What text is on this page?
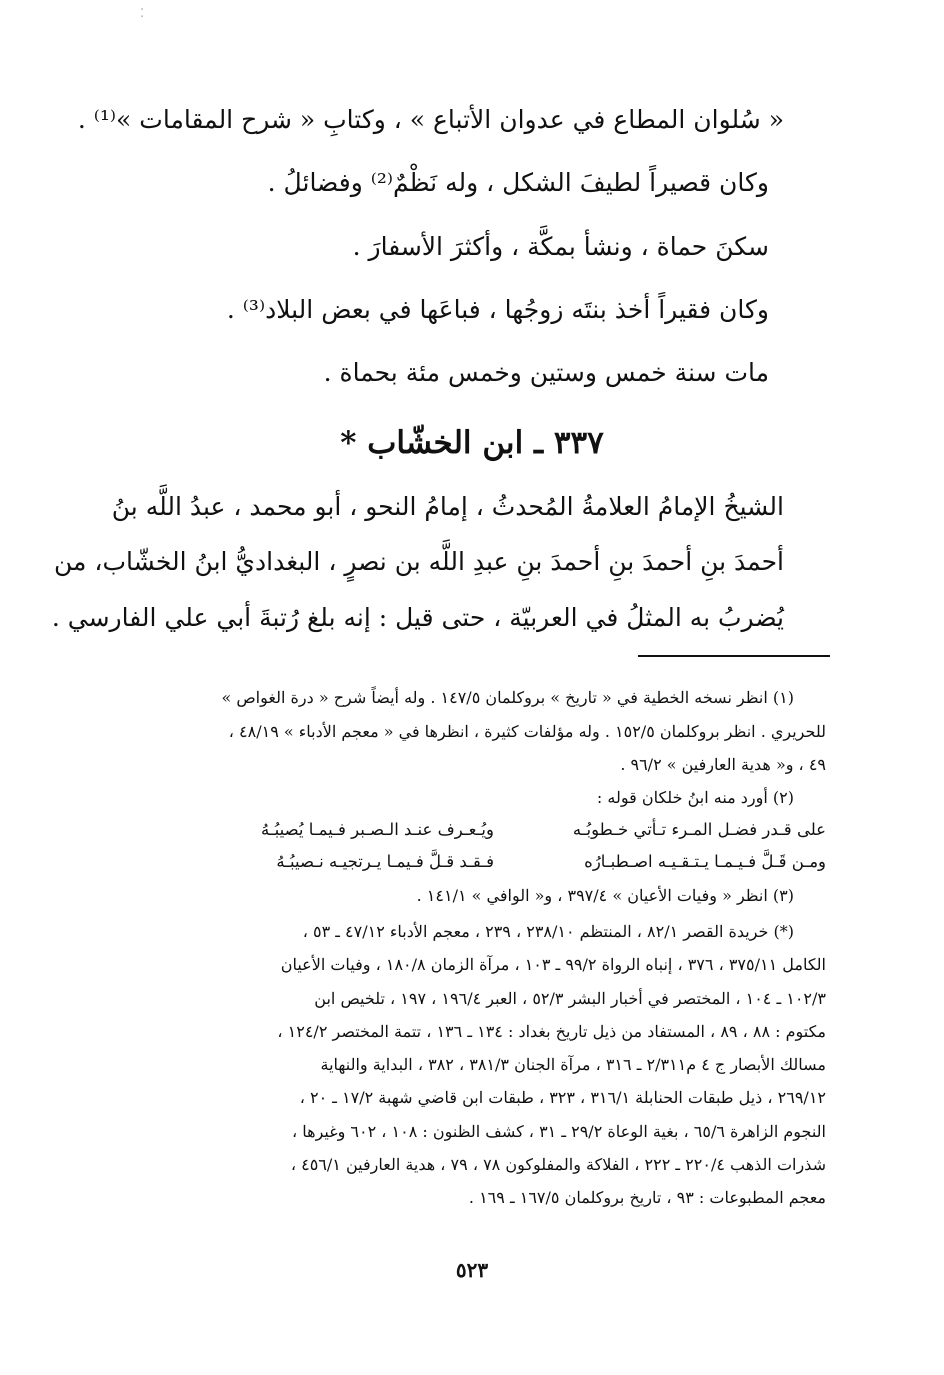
⁚
« سُلوان المطاع في عدوان الأتباع » ، وكتابِ « شرح المقامات »⁽¹⁾ .
وكان قصيراً لطيفَ الشكل ، وله نَظْمٌ⁽²⁾ وفضائلُ .
سكنَ حماة ، ونشأ بمكَّة ، وأكثرَ الأسفارَ .
وكان فقيراً أخذ بنتَه زوجُها ، فباعَها في بعض البلاد⁽³⁾ .
مات سنة خمس وستين وخمس مئة بحماة .
٣٣٧ ـ ابن الخشّاب *
الشيخُ الإمامُ العلامةُ المُحدثُ ، إمامُ النحو ، أبو محمد ، عبدُ اللَّه بنُ
أحمدَ بنِ أحمدَ بنِ أحمدَ بنِ عبدِ اللَّه بن نصرٍ ، البغداديُّ ابنُ الخشّاب، من
يُضربُ به المثلُ في العربيّة ، حتى قيل : إنه بلغ رُتبةَ أبي علي الفارسي .
(١) انظر نسخه الخطية في « تاريخ » بروكلمان ١٤٧/٥ . وله أيضاً شرح « درة الغواص »
للحريري . انظر بروكلمان ١٥٢/٥ . وله مؤلفات كثيرة ، انظرها في « معجم الأدباء » ٤٨/١٩ ،
٤٩ ، و« هدية العارفين » ٩٦/٢ .
(٢) أورد منه ابنُ خلكان قوله :
على قـدر فضـل المـرء تـأتي خـطوبُـه
ويُـعـرف عنـد الـصـبر فـيمـا يُصيبُـهُ
ومـن قَـلَّ فـيـمـا يـتـقـيـه اصـطبـارُه
فـقـد قـلَّ فـيمـا يـرتجيـه نـصيبُـهُ
(٣) انظر « وفيات الأعيان » ٣٩٧/٤ ، و« الوافي » ١٤١/١ .
(*) خريدة القصر ٨٢/١ ، المنتظم ٢٣٨/١٠ ، ٢٣٩ ، معجم الأدباء ٤٧/١٢ ـ ٥٣ ،
الكامل ٣٧٥/١١ ، ٣٧٦ ، إنباه الرواة ٩٩/٢ ـ ١٠٣ ، مرآة الزمان ١٨٠/٨ ، وفيات الأعيان
١٠٢/٣ ـ ١٠٤ ، المختصر في أخبار البشر ٥٢/٣ ، العبر ١٩٦/٤ ، ١٩٧ ، تلخيص ابن
مكتوم : ٨٨ ، ٨٩ ، المستفاد من ذيل تاريخ بغداد : ١٣٤ ـ ١٣٦ ، تتمة المختصر ١٢٤/٢ ،
مسالك الأبصار ج ٤ م٢/٣١١ ـ ٣١٦ ، مرآة الجنان ٣٨١/٣ ، ٣٨٢ ، البداية والنهاية
٢٦٩/١٢ ، ذيل طبقات الحنابلة ٣١٦/١ ، ٣٢٣ ، طبقات ابن قاضي شهبة ١٧/٢ ـ ٢٠ ،
النجوم الزاهرة ٦٥/٦ ، بغية الوعاة ٢٩/٢ ـ ٣١ ، كشف الظنون : ١٠٨ ، ٦٠٢ وغيرها ،
شذرات الذهب ٢٢٠/٤ ـ ٢٢٢ ، الفلاكة والمفلوكون ٧٨ ، ٧٩ ، هدية العارفين ٤٥٦/١ ،
معجم المطبوعات : ٩٣ ، تاريخ بروكلمان ١٦٧/٥ ـ ١٦٩ .
٥٢٣
